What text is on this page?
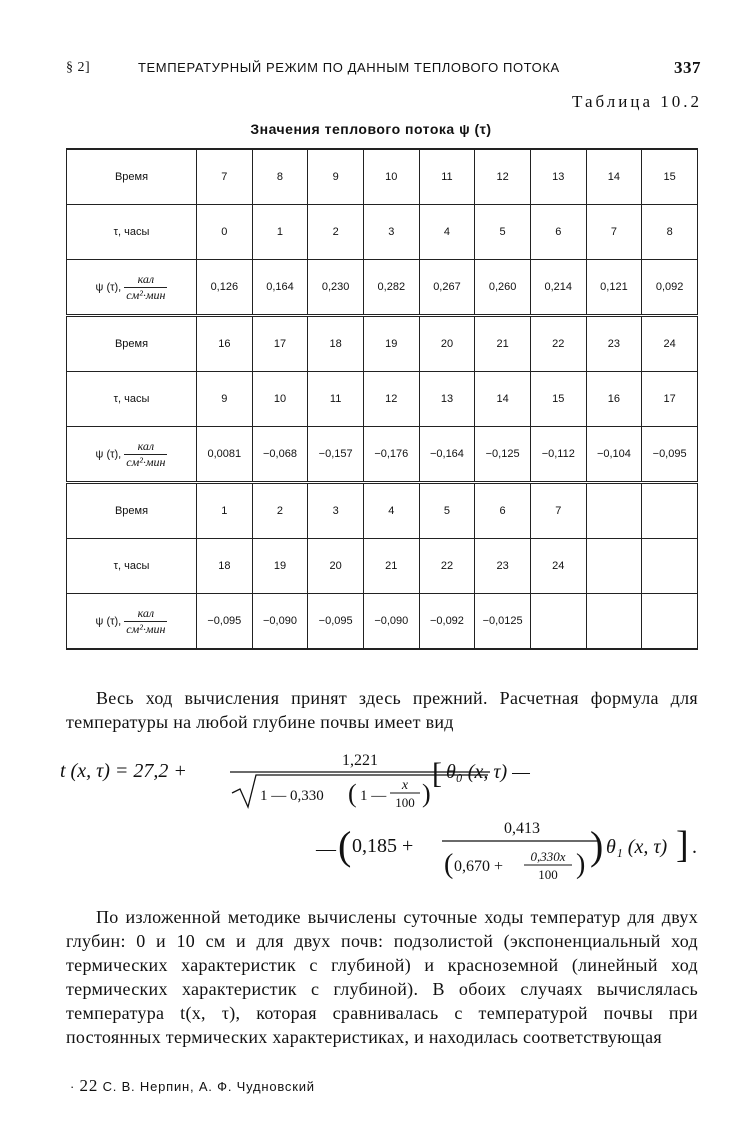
§ 2]	ТЕМПЕРАТУРНЫЙ РЕЖИМ ПО ДАННЫМ ТЕПЛОВОГО ПОТОКА	337
Таблица 10.2
Значения теплового потока ψ (τ)
Время	7	8	9	10	11	12	13	14	15
τ, часы	0	1	2	3	4	5	6	7	8
ψ (τ), $\frac{\text{кал}}{\text{см²·мин}}$	0,126	0,164	0,230	0,282	0,267	0,260	0,214	0,121	0,092
Время	16	17	18	19	20	21	22	23	24
τ, часы	9	10	11	12	13	14	15	16	17
ψ (τ), $\frac{\text{кал}}{\text{см²·мин}}$	0,0081	−0,068	−0,157	−0,176	−0,164	−0,125	−0,112	−0,104	−0,095
Время	1	2	3	4	5	6	7		
τ, часы	18	19	20	21	22	23	24		
ψ (τ), $\frac{\text{кал}}{\text{см²·мин}}$	−0,095	−0,090	−0,095	−0,090	−0,092	−0,0125			
Весь ход вычисления принят здесь прежний. Расчетная формула для температуры на любой глубине почвы имеет вид
t (x, τ) = 27,2 +	1,221
1 — 0,330 ( 1 —
x
100 )
[ θ₀ (x, τ) —
— ( 0,185 +
0,413
( 0,670 +
0,330x
100 ) ) θ₁ (x, τ) ] .
По изложенной методике вычислены суточные ходы температур для двух глубин: 0 и 10 см и для двух почв: подзолистой (экспоненциальный ход термических характеристик с глубиной) и красноземной (линейный ход термических характеристик с глубиной). В обоих случаях вычислялась температура t(x, τ), которая сравнивалась с температурой почвы при постоянных термических характеристиках, и находилась соответствующая
· 22 С. В. Нерпин, А. Ф. Чудновский
